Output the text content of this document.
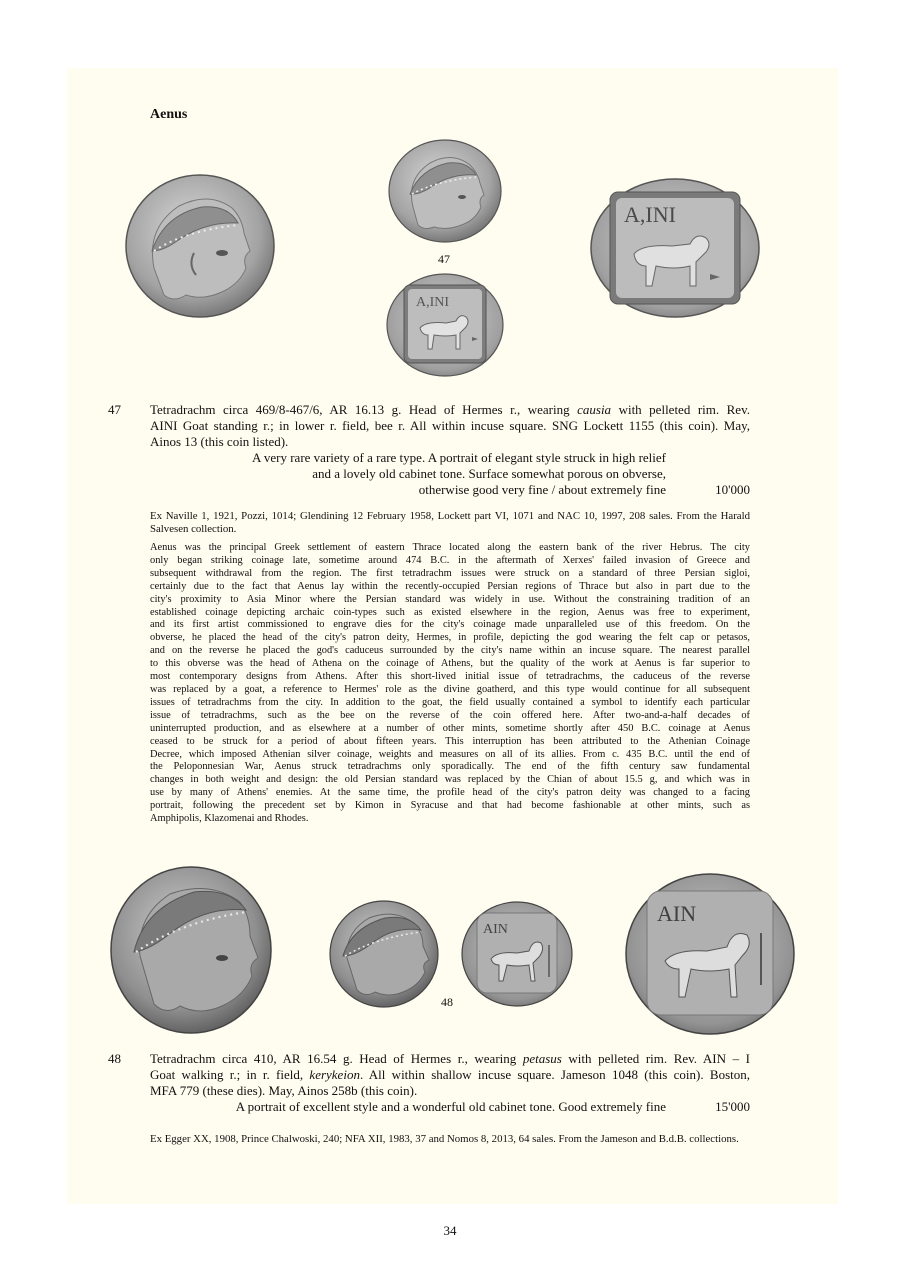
Aenus
47
Α,ΙΝΙ
Α,ΙΝΙ
47 Tetradrachm circa 469/8-467/6, AR 16.13 g. Head of Hermes r., wearing causia with pelleted rim. Rev.
AINI Goat standing r.; in lower r. field, bee r. All within incuse square. SNG Lockett 1155 (this coin). May,
Ainos 13 (this coin listed).
A very rare variety of a rare type. A portrait of elegant style struck in high relief
and a lovely old cabinet tone. Surface somewhat porous on obverse,
otherwise good very fine / about extremely fine	10'000
Ex Naville 1, 1921, Pozzi, 1014; Glendining 12 February 1958, Lockett part VI, 1071 and NAC 10, 1997, 208 sales. From the Harald Salvesen collection.
Aenus was the principal Greek settlement of eastern Thrace located along the eastern bank of the river Hebrus. The city
only began striking coinage late, sometime around 474 B.C. in the aftermath of Xerxes' failed invasion of Greece and
subsequent withdrawal from the region. The first tetradrachm issues were struck on a standard of three Persian sigloi,
certainly due to the fact that Aenus lay within the recently-occupied Persian regions of Thrace but also in part due to the
city's proximity to Asia Minor where the Persian standard was widely in use. Without the constraining tradition of an
established coinage depicting archaic coin-types such as existed elsewhere in the region, Aenus was free to experiment,
and its first artist commissioned to engrave dies for the city's coinage made unparalleled use of this freedom. On the
obverse, he placed the head of the city's patron deity, Hermes, in profile, depicting the god wearing the felt cap or petasos,
and on the reverse he placed the god's caduceus surrounded by the city's name within an incuse square. The nearest parallel
to this obverse was the head of Athena on the coinage of Athens, but the quality of the work at Aenus is far superior to
most contemporary designs from Athens. After this short-lived initial issue of tetradrachms, the caduceus of the reverse
was replaced by a goat, a reference to Hermes' role as the divine goatherd, and this type would continue for all subsequent
issues of tetradrachms from the city. In addition to the goat, the field usually contained a symbol to identify each particular
issue of tetradrachms, such as the bee on the reverse of the coin offered here. After two-and-a-half decades of
uninterrupted production, and as elsewhere at a number of other mints, sometime shortly after 450 B.C. coinage at Aenus
ceased to be struck for a period of about fifteen years. This interruption has been attributed to the Athenian Coinage
Decree, which imposed Athenian silver coinage, weights and measures on all of its allies. From c. 435 B.C. until the end of
the Peloponnesian War, Aenus struck tetradrachms only sporadically. The end of the fifth century saw fundamental
changes in both weight and design: the old Persian standard was replaced by the Chian of about 15.5 g, and which was in
use by many of Athens' enemies. At the same time, the profile head of the city's patron deity was changed to a facing
portrait, following the precedent set by Kimon in Syracuse and that had become fashionable at other mints, such as
Amphipolis, Klazomenai and Rhodes.
48
ΑΙΝ
ΑΙΝ
48 Tetradrachm circa 410, AR 16.54 g. Head of Hermes r., wearing petasus with pelleted rim. Rev. AIN – I
Goat walking r.; in r. field, kerykeion. All within shallow incuse square. Jameson 1048 (this coin). Boston,
MFA 779 (these dies). May, Ainos 258b (this coin).
A portrait of excellent style and a wonderful old cabinet tone. Good extremely fine	15'000
Ex Egger XX, 1908, Prince Chalwoski, 240; NFA XII, 1983, 37 and Nomos 8, 2013, 64 sales. From the Jameson and B.d.B. collections.
34
